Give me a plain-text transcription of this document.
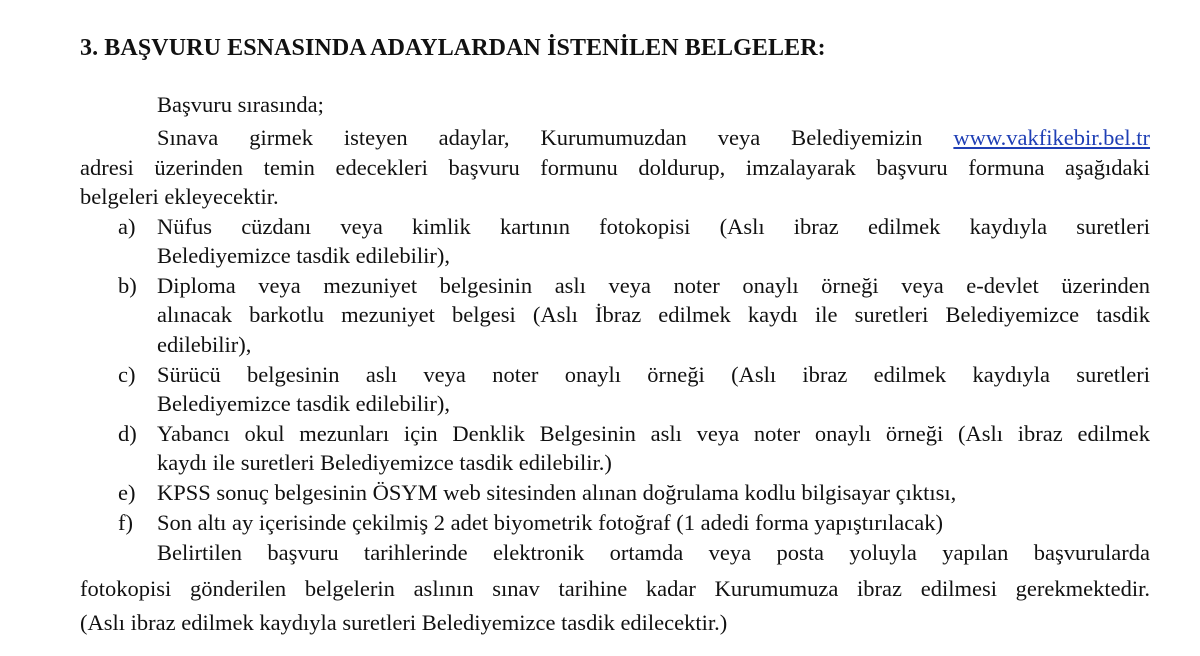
3. BAŞVURU ESNASINDA ADAYLARDAN İSTENİLEN BELGELER:
Başvuru sırasında;
Sınava girmek isteyen adaylar, Kurumumuzdan veya Belediyemizin www.vakfikebir.bel.tr
adresi üzerinden temin edecekleri başvuru formunu doldurup, imzalayarak başvuru formuna aşağıdaki
belgeleri ekleyecektir.
a) Nüfus cüzdanı veya kimlik kartının fotokopisi (Aslı ibraz edilmek kaydıyla suretleri
Belediyemizce tasdik edilebilir),
b) Diploma veya mezuniyet belgesinin aslı veya noter onaylı örneği veya e-devlet üzerinden
alınacak barkotlu mezuniyet belgesi (Aslı İbraz edilmek kaydı ile suretleri Belediyemizce tasdik
edilebilir),
c) Sürücü belgesinin aslı veya noter onaylı örneği (Aslı ibraz edilmek kaydıyla suretleri
Belediyemizce tasdik edilebilir),
d) Yabancı okul mezunları için Denklik Belgesinin aslı veya noter onaylı örneği (Aslı ibraz edilmek
kaydı ile suretleri Belediyemizce tasdik edilebilir.)
e) KPSS sonuç belgesinin ÖSYM web sitesinden alınan doğrulama kodlu bilgisayar çıktısı,
f) Son altı ay içerisinde çekilmiş 2 adet biyometrik fotoğraf (1 adedi forma yapıştırılacak)
Belirtilen başvuru tarihlerinde elektronik ortamda veya posta yoluyla yapılan başvurularda
fotokopisi gönderilen belgelerin aslının sınav tarihine kadar Kurumumuza ibraz edilmesi gerekmektedir.
(Aslı ibraz edilmek kaydıyla suretleri Belediyemizce tasdik edilecektir.)
